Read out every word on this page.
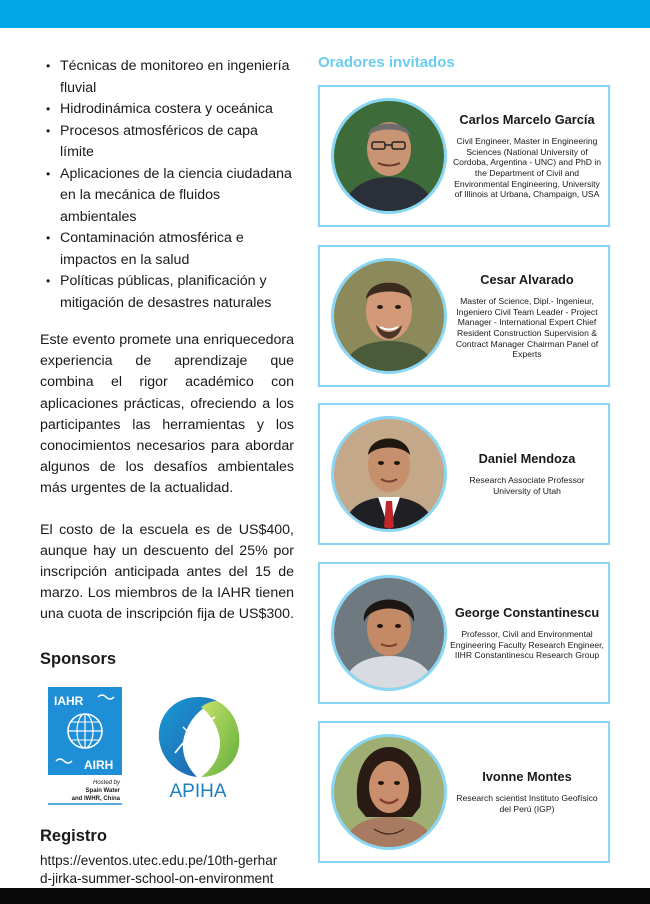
• Técnicas de monitoreo en ingeniería fluvial
• Hidrodinámica costera y oceánica
• Procesos atmosféricos de capa límite
• Aplicaciones de la ciencia ciudadana en la mecánica de fluidos ambientales
• Contaminación atmosférica e impactos en la salud
• Políticas públicas, planificación y mitigación de desastres naturales

Este evento promete una enriquecedora experiencia de aprendizaje que combina el rigor académico con aplicaciones prácticas, ofreciendo a los participantes las herramientas y los conocimientos necesarios para abordar algunos de los desafíos ambientales más urgentes de la actualidad.

El costo de la escuela es de US$400, aunque hay un descuento del 25% por inscripción anticipada antes del 15 de marzo. Los miembros de la IAHR tienen una cuota de inscripción fija de US$300.

Sponsors
IAHR
AIRH
Hosted by
Spain Water
and IWHR, China	APIHA
Registro

https://eventos.utec.edu.pe/10th-gerhard-jirka-summer-school-on-environment

Oradores invitados
Carlos Marcelo García
Civil Engineer, Master in Engineering Sciences (National University of Cordoba, Argentina - UNC) and PhD in the Department of Civil and Environmental Engineering, University of Illinois at Urbana, Champaign, USA
Cesar Alvarado
Master of Science, Dipl.- Ingenieur, Ingeniero Civil Team Leader - Project Manager - International Expert Chief Resident Construction Supervision & Contract Manager Chairman Panel of Experts
Daniel Mendoza
Research Associate Professor University of Utah
George Constantinescu
Professor, Civil and Environmental Engineering Faculty Research Engineer, IIHR Constantinescu Research Group
Ivonne Montes
Research scientist Instituto Geofísico del Perú (IGP)
